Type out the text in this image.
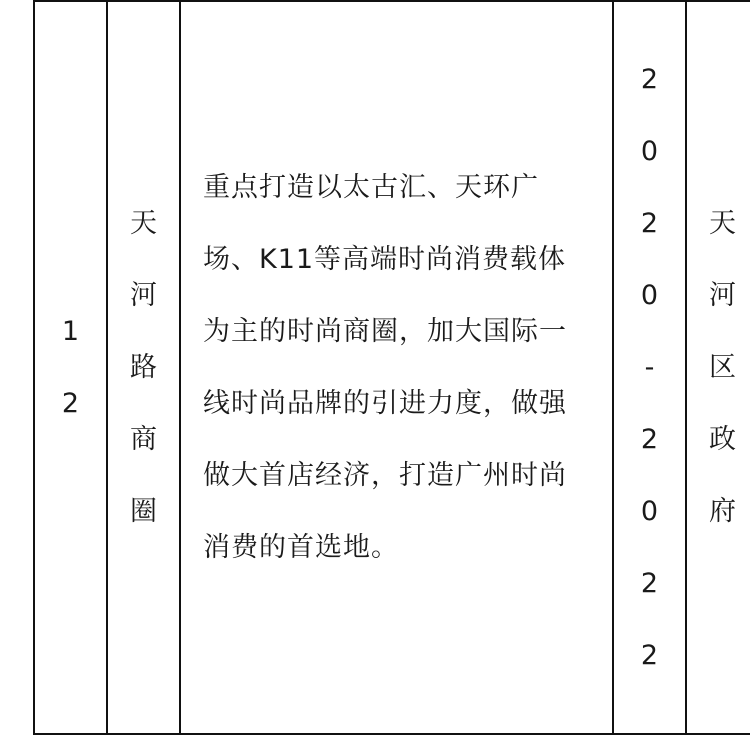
1
2

天
河
路
商
圈

重点打造以太古汇、天环广场、K11等高端时尚消费载体为主的时尚商圈，加大国际一线时尚品牌的引进力度，做强做大首店经济，打造广州时尚消费的首选地。

2
0
2
0
-
2
0
2
2

天
河
区
政
府
